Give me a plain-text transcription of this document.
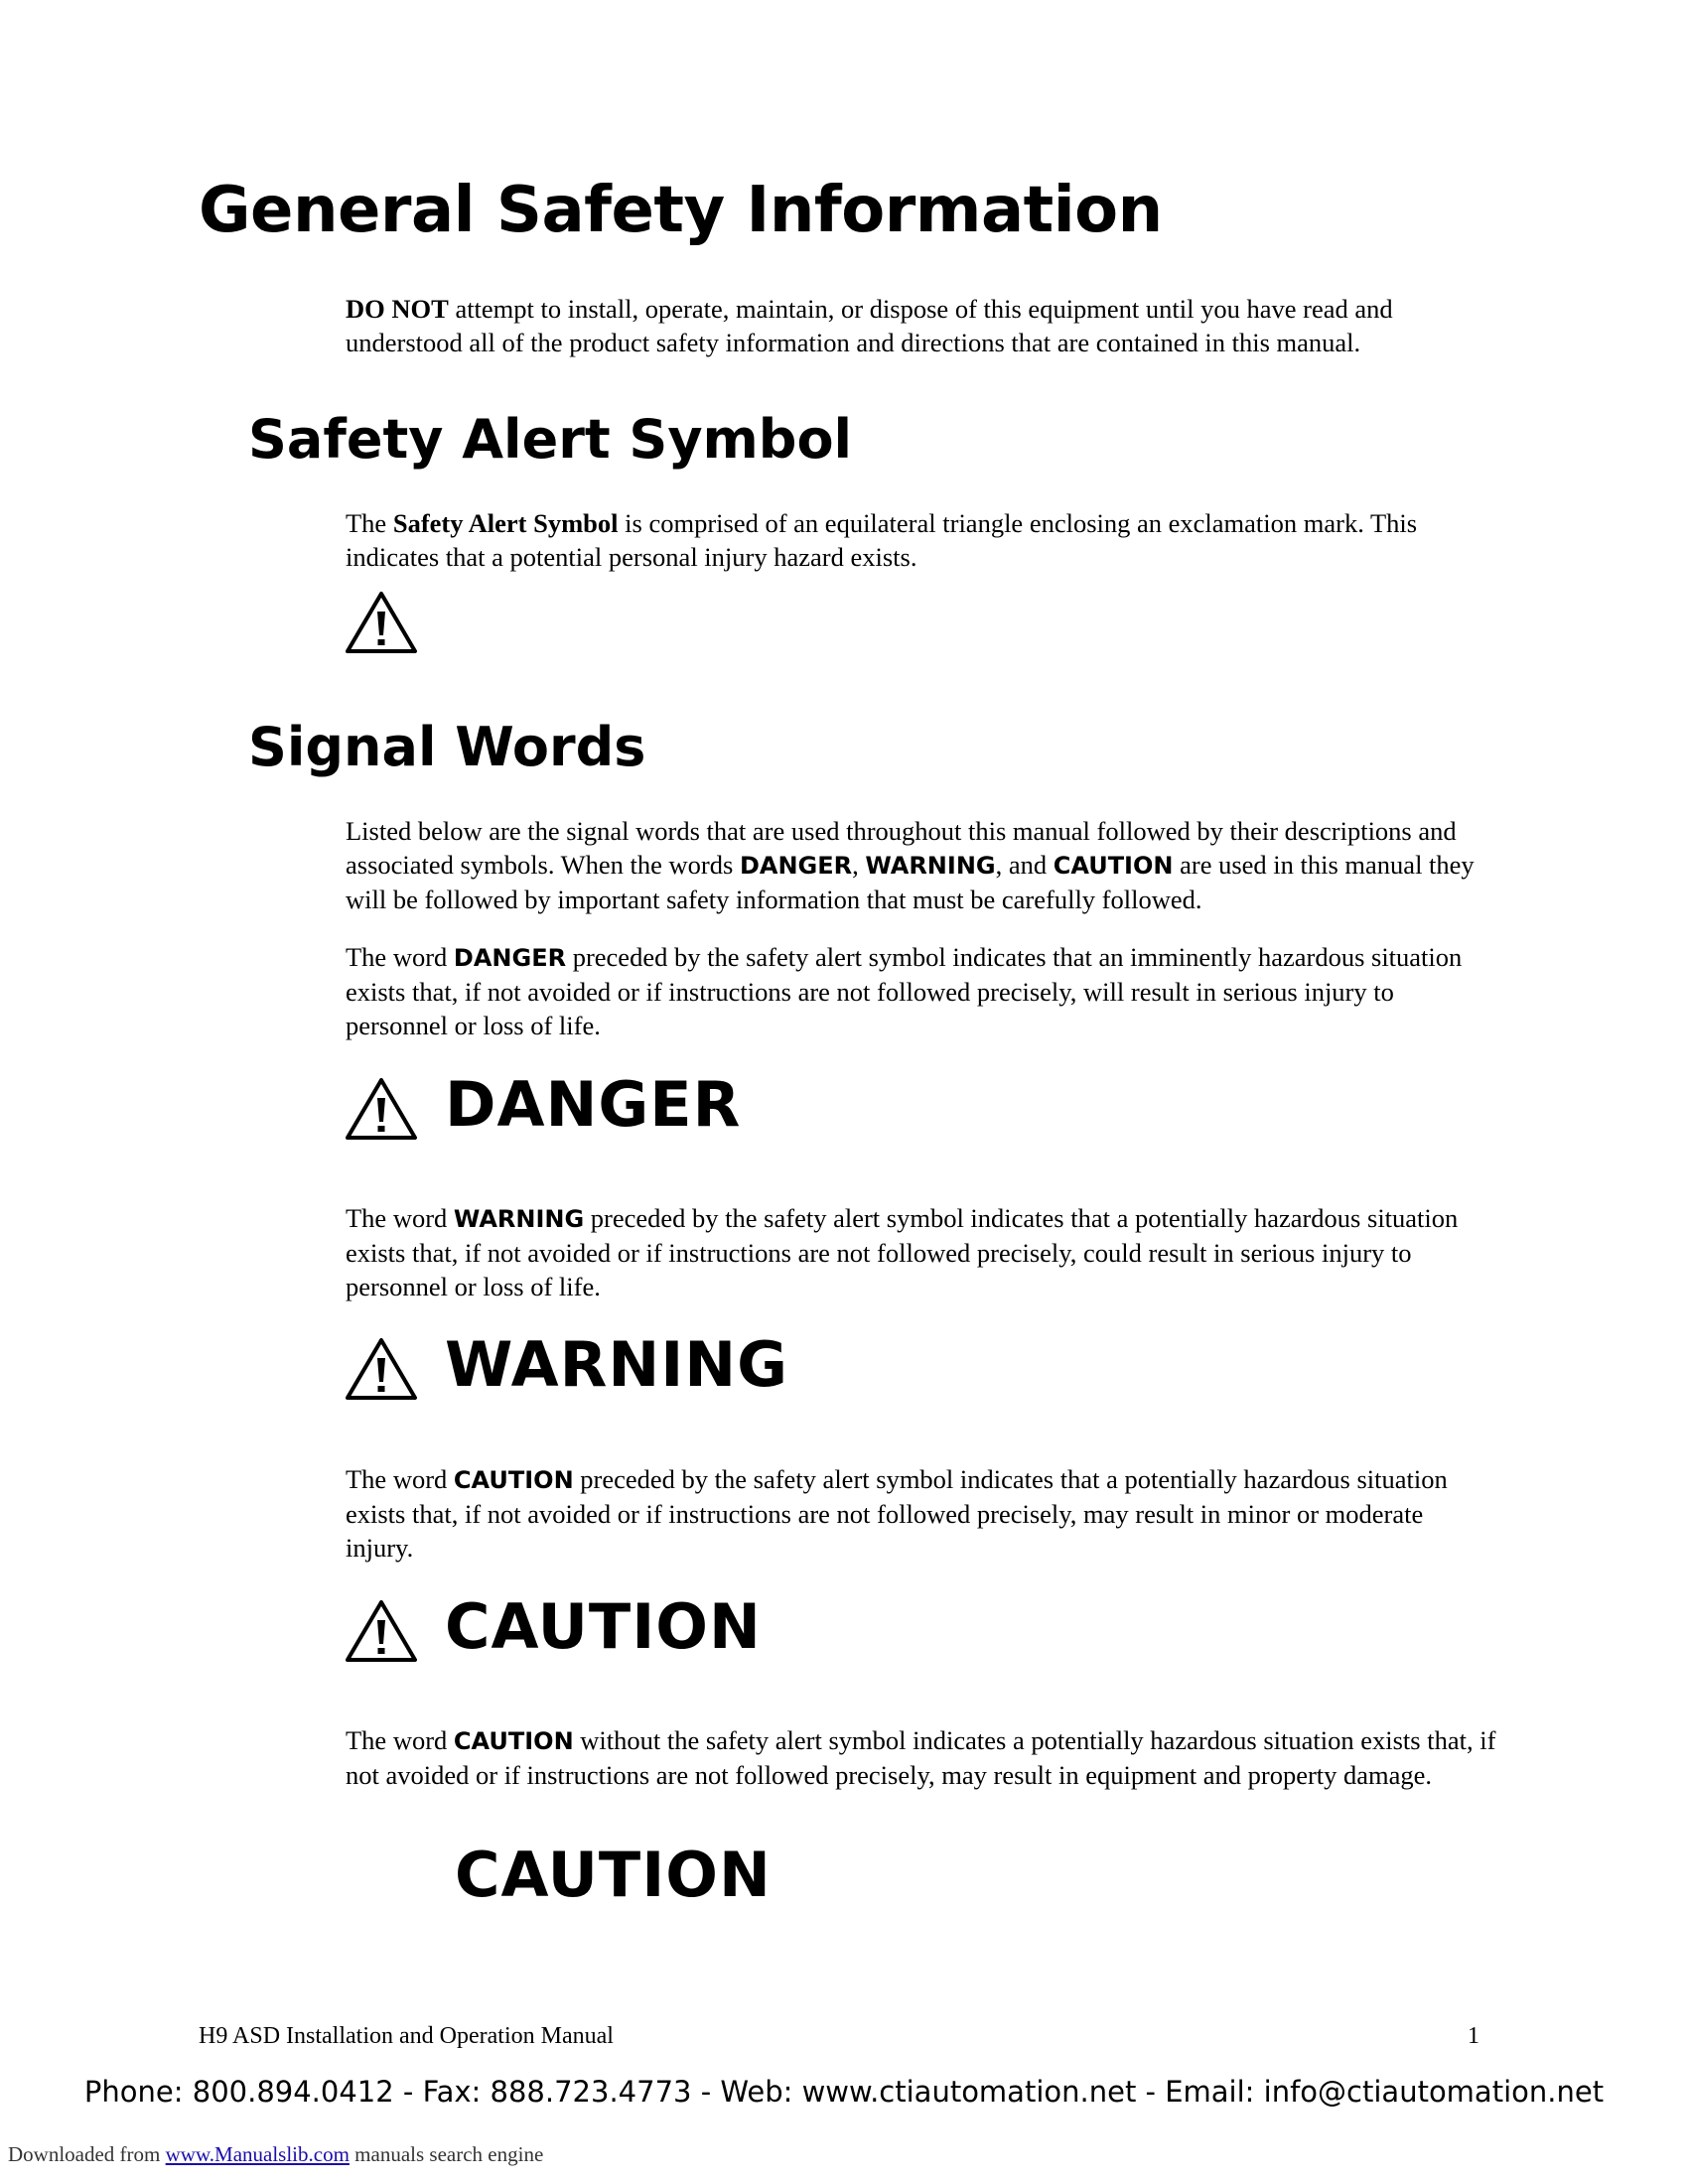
General Safety Information
DO NOT attempt to install, operate, maintain, or dispose of this equipment until you have read and understood all of the product safety information and directions that are contained in this manual.
Safety Alert Symbol
The Safety Alert Symbol is comprised of an equilateral triangle enclosing an exclamation mark. This indicates that a potential personal injury hazard exists.
Signal Words
Listed below are the signal words that are used throughout this manual followed by their descriptions and associated symbols. When the words DANGER, WARNING, and CAUTION are used in this manual they will be followed by important safety information that must be carefully followed.
The word DANGER preceded by the safety alert symbol indicates that an imminently hazardous situation exists that, if not avoided or if instructions are not followed precisely, will result in serious injury to personnel or loss of life.
DANGER
The word WARNING preceded by the safety alert symbol indicates that a potentially hazardous situation exists that, if not avoided or if instructions are not followed precisely, could result in serious injury to personnel or loss of life.
WARNING
The word CAUTION preceded by the safety alert symbol indicates that a potentially hazardous situation exists that, if not avoided or if instructions are not followed precisely, may result in minor or moderate injury.
CAUTION
The word CAUTION without the safety alert symbol indicates a potentially hazardous situation exists that, if not avoided or if instructions are not followed precisely, may result in equipment and property damage.
CAUTION
H9 ASD Installation and Operation Manual	1
Phone: 800.894.0412 - Fax: 888.723.4773 - Web: www.ctiautomation.net - Email: info@ctiautomation.net
Downloaded from www.Manualslib.com manuals search engine
